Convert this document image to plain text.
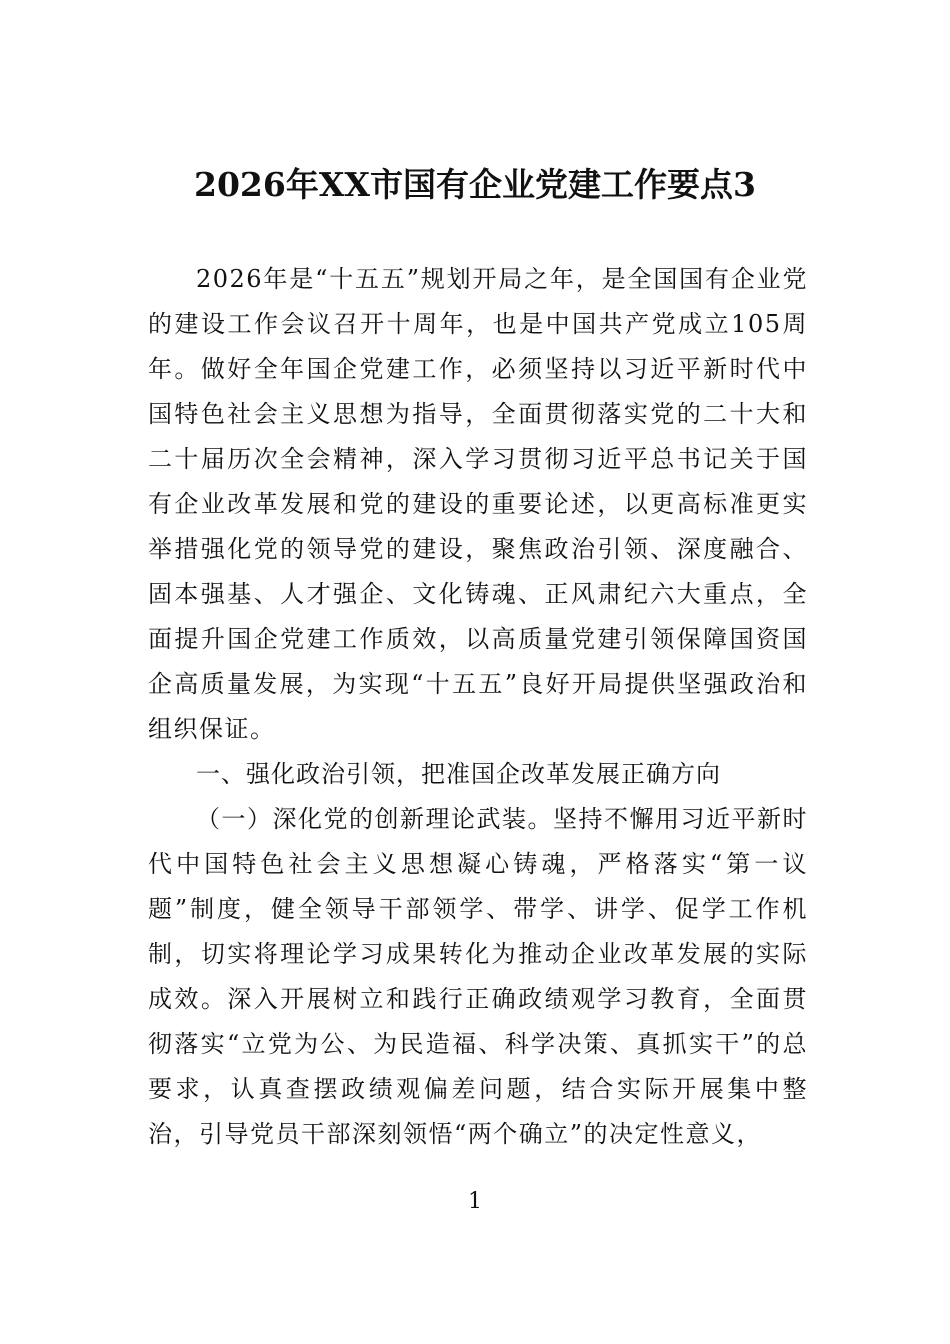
2026年XX市国有企业党建工作要点3

2026年是“十五五”规划开局之年，是全国国有企业党的建设工作会议召开十周年，也是中国共产党成立105周年。做好全年国企党建工作，必须坚持以习近平新时代中国特色社会主义思想为指导，全面贯彻落实党的二十大和二十届历次全会精神，深入学习贯彻习近平总书记关于国有企业改革发展和党的建设的重要论述，以更高标准更实举措强化党的领导党的建设，聚焦政治引领、深度融合、固本强基、人才强企、文化铸魂、正风肃纪六大重点，全面提升国企党建工作质效，以高质量党建引领保障国资国企高质量发展，为实现“十五五”良好开局提供坚强政治和组织保证。

一、强化政治引领，把准国企改革发展正确方向

（一）深化党的创新理论武装。坚持不懈用习近平新时代中国特色社会主义思想凝心铸魂，严格落实“第一议题”制度，健全领导干部领学、带学、讲学、促学工作机制，切实将理论学习成果转化为推动企业改革发展的实际成效。深入开展树立和践行正确政绩观学习教育，全面贯彻落实“立党为公、为民造福、科学决策、真抓实干”的总要求，认真查摆政绩观偏差问题，结合实际开展集中整治，引导党员干部深刻领悟“两个确立”的决定性意义，

1
